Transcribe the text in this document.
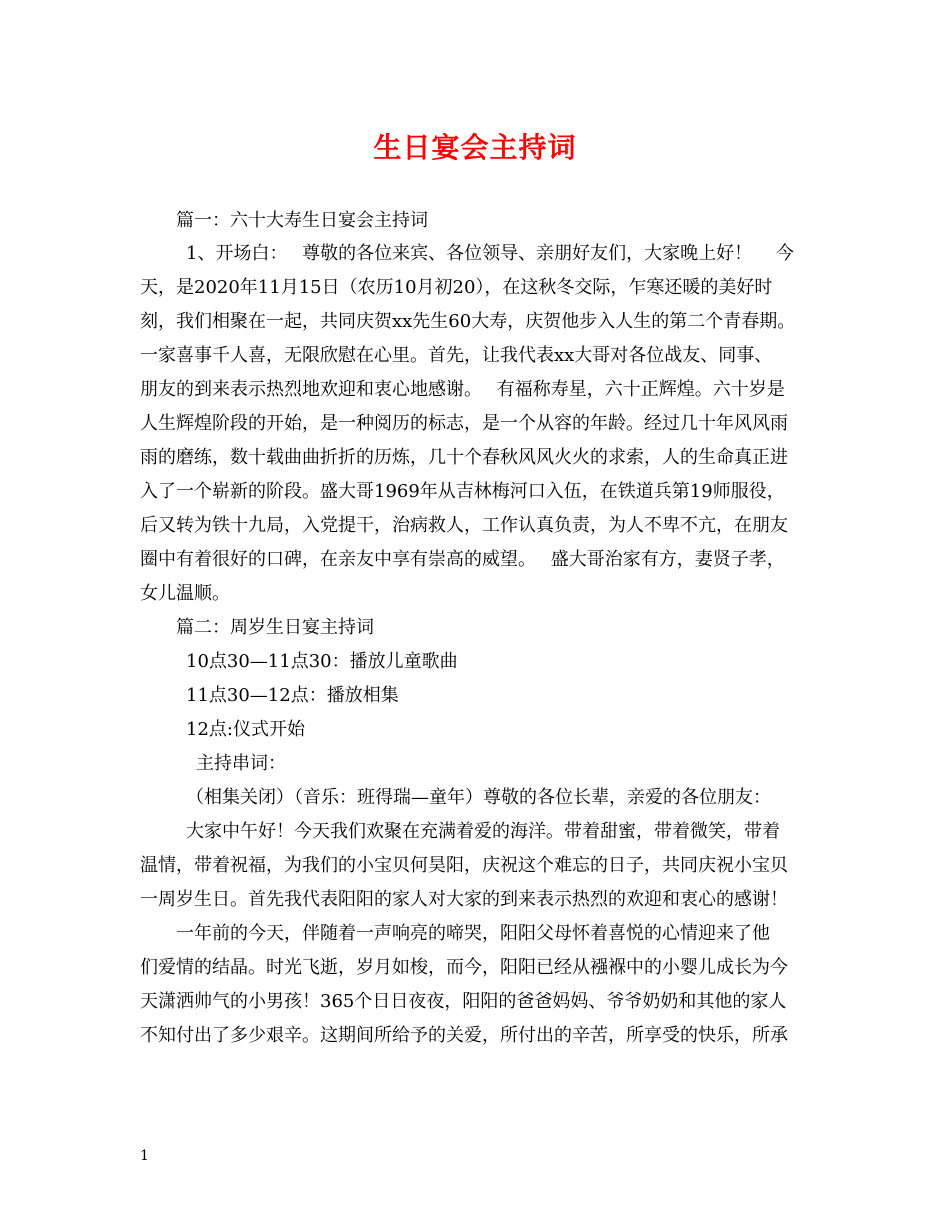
生日宴会主持词
篇一：六十大寿生日宴会主持词
1、开场白：　 尊敬的各位来宾、各位领导、亲朋好友们，大家晚上好！　 今
天，是2020年11月15日（农历10月初20），在这秋冬交际，乍寒还暖的美好时
刻，我们相聚在一起，共同庆贺xx先生60大寿，庆贺他步入人生的第二个青春期。
一家喜事千人喜，无限欣慰在心里。首先，让我代表xx大哥对各位战友、同事、
朋友的到来表示热烈地欢迎和衷心地感谢。　 有福称寿星，六十正辉煌。六十岁是
人生辉煌阶段的开始，是一种阅历的标志，是一个从容的年龄。经过几十年风风雨
雨的磨练，数十载曲曲折折的历炼，几十个春秋风风火火的求索，人的生命真正进
入了一个崭新的阶段。盛大哥1969年从吉林梅河口入伍，在铁道兵第19师服役，
后又转为铁十九局，入党提干，治病救人，工作认真负责，为人不卑不亢，在朋友
圈中有着很好的口碑，在亲友中享有崇高的威望。　 盛大哥治家有方，妻贤子孝，
女儿温顺。
篇二：周岁生日宴主持词
10点30—11点30：播放儿童歌曲
11点30—12点：播放相集
12点:仪式开始
主持串词：
（相集关闭）（音乐：班得瑞—童年）尊敬的各位长辈，亲爱的各位朋友：
大家中午好！今天我们欢聚在充满着爱的海洋。带着甜蜜，带着微笑，带着
温情，带着祝福，为我们的小宝贝何昊阳，庆祝这个难忘的日子，共同庆祝小宝贝
一周岁生日。首先我代表阳阳的家人对大家的到来表示热烈的欢迎和衷心的感谢！
一年前的今天，伴随着一声响亮的啼哭，阳阳父母怀着喜悦的心情迎来了他
们爱情的结晶。时光飞逝，岁月如梭，而今，阳阳已经从襁褓中的小婴儿成长为今
天潇洒帅气的小男孩！365个日日夜夜，阳阳的爸爸妈妈、爷爷奶奶和其他的家人
不知付出了多少艰辛。这期间所给予的关爱，所付出的辛苦，所享受的快乐，所承
1
